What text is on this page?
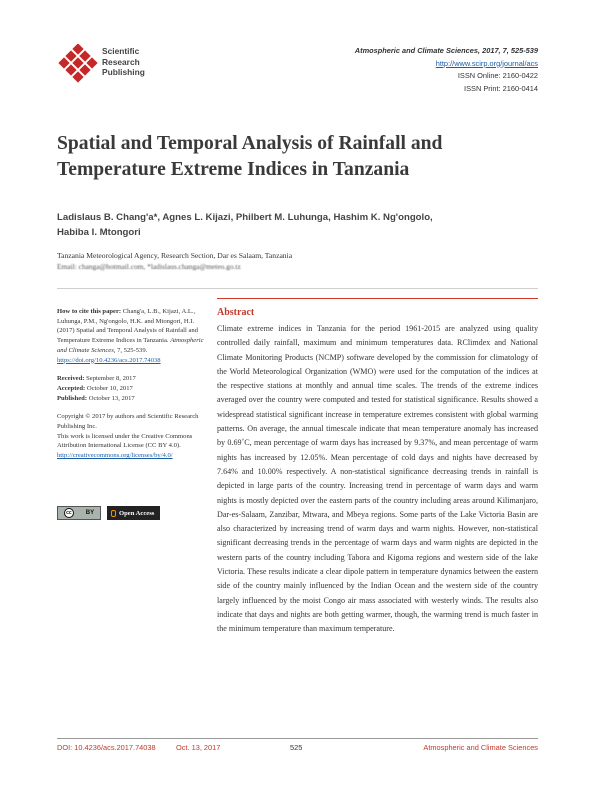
Scientific
Research
Publishing
Atmospheric and Climate Sciences, 2017, 7, 525-539
http://www.scirp.org/journal/acs
ISSN Online: 2160-0422
ISSN Print: 2160-0414
Spatial and Temporal Analysis of Rainfall and Temperature Extreme Indices in Tanzania
Ladislaus B. Chang'a*, Agnes L. Kijazi, Philbert M. Luhunga, Hashim K. Ng'ongolo,
Habiba I. Mtongori
Tanzania Meteorological Agency, Research Section, Dar es Salaam, Tanzania
Email: changa@hotmail.com, *ladislaus.changa@meteo.go.tz

How to cite this paper: Chang'a, L.B., Kijazi, A.L., Luhunga, P.M., Ng'ongolo, H.K. and Mtongori, H.I. (2017) Spatial and Temporal Analysis of Rainfall and Temperature Extreme Indices in Tanzania. Atmospheric and Climate Sciences, 7, 525-539.

https://doi.org/10.4236/acs.2017.74038

Received: September 8, 2017

Accepted: October 10, 2017

Published: October 13, 2017

Copyright © 2017 by authors and Scientific Research Publishing Inc.

This work is licensed under the Creative Commons Attribution International License (CC BY 4.0).

http://creativecommons.org/licenses/by/4.0/

cc	BY	Open Access
Abstract

Climate extreme indices in Tanzania for the period 1961-2015 are analyzed using quality controlled daily rainfall, maximum and minimum temperatures data. RClimdex and National Climate Monitoring Products (NCMP) software developed by the commission for climatology of the World Meteorological Organization (WMO) were used for the computation of the indices at the respective stations at monthly and annual time scales. The trends of the extreme indices averaged over the country were computed and tested for statistical significance. Results showed a widespread statistical significant increase in temperature extremes consistent with global warming patterns. On average, the annual timescale indicate that mean temperature anomaly has increased by 0.69˚C, mean percentage of warm days has increased by 9.37%, and mean percentage of warm nights has increased by 12.05%. Mean percentage of cold days and nights have decreased by 7.64% and 10.00% respectively. A non-statistical significance decreasing trends in rainfall is depicted in large parts of the country. Increasing trend in percentage of warm days and warm nights is mostly depicted over the eastern parts of the country including areas around Kilimanjaro, Dar-es-Salaam, Zanzibar, Mtwara, and Mbeya regions. Some parts of the Lake Victoria Basin are also characterized by increasing trend of warm days and warm nights. However, non-statistical significant decreasing trends in the percentage of warm days and warm nights are depicted in the western parts of the country including Tabora and Kigoma regions and western side of the lake Victoria. These results indicate a clear dipole pattern in temperature dynamics between the eastern side of the country mainly influenced by the Indian Ocean and the western side of the country largely influenced by the moist Congo air mass associated with westerly winds. The results also indicate that days and nights are both getting warmer, though, the warming trend is much faster in the minimum temperature than maximum temperature.

DOI: 10.4236/acs.2017.74038	Oct. 13, 2017	525	Atmospheric and Climate Sciences
